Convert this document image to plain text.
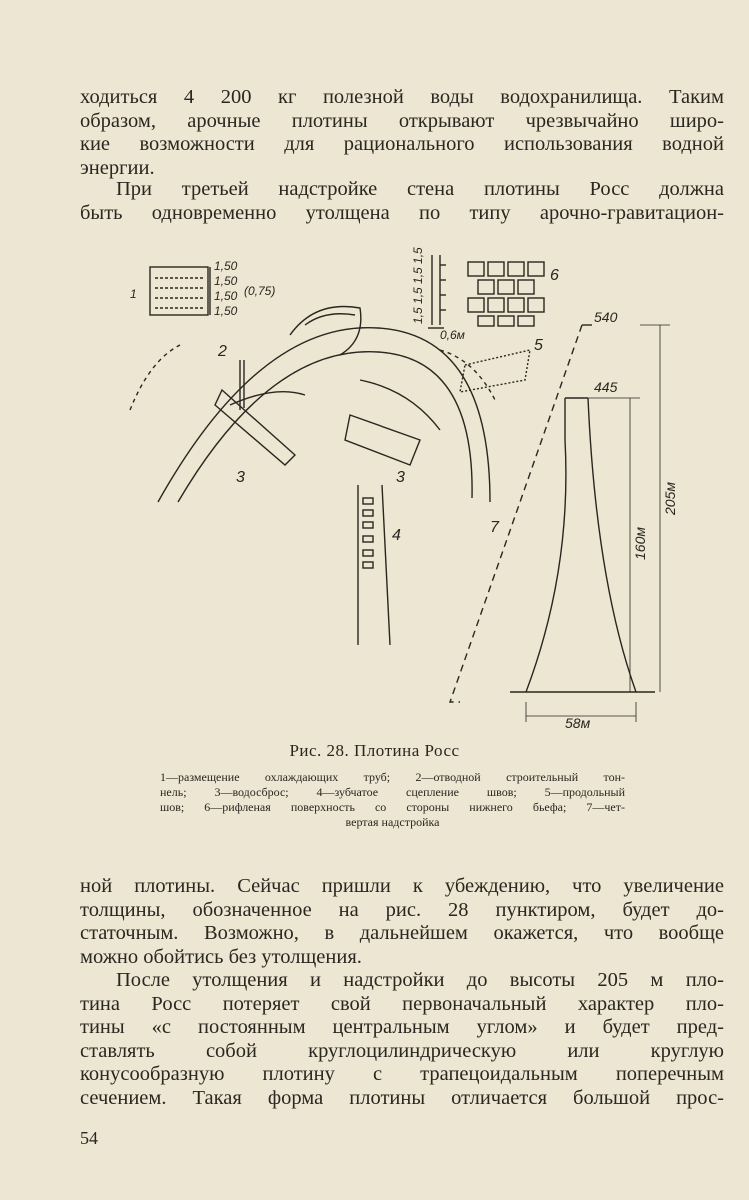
ходиться 4 200 кг полезной воды водохранилища. Таким
образом, арочные плотины открывают чрезвычайно широ-
кие возможности для рационального использования водной
энергии.

При третьей надстройке стена плотины Росс должна
быть одновременно утолщена по типу арочно-гравитацион-

1
1,50
1,50
1,50 (0,75)
1,50
2
3	3
4
5
6
7
1,5 1,5 1,5 1,5
0,6м
540
445
205м
160м
58м
Рис. 28. Плотина Росс
1—размещение охлаждающих труб; 2—отводной строительный тон-
нель; 3—водосброс; 4—зубчатое сцепление швов; 5—продольный
шов; 6—рифленая поверхность со стороны нижнего бьефа; 7—чет-
вертая надстройка

ной плотины. Сейчас пришли к убеждению, что увеличение
толщины, обозначенное на рис. 28 пунктиром, будет до-
статочным. Возможно, в дальнейшем окажется, что вообще
можно обойтись без утолщения.

После утолщения и надстройки до высоты 205 м пло-
тина Росс потеряет свой первоначальный характер пло-
тины «с постоянным центральным углом» и будет пред-
ставлять собой круглоцилиндрическую или круглую
конусообразную плотину с трапецоидальным поперечным
сечением. Такая форма плотины отличается большой прос-

54
